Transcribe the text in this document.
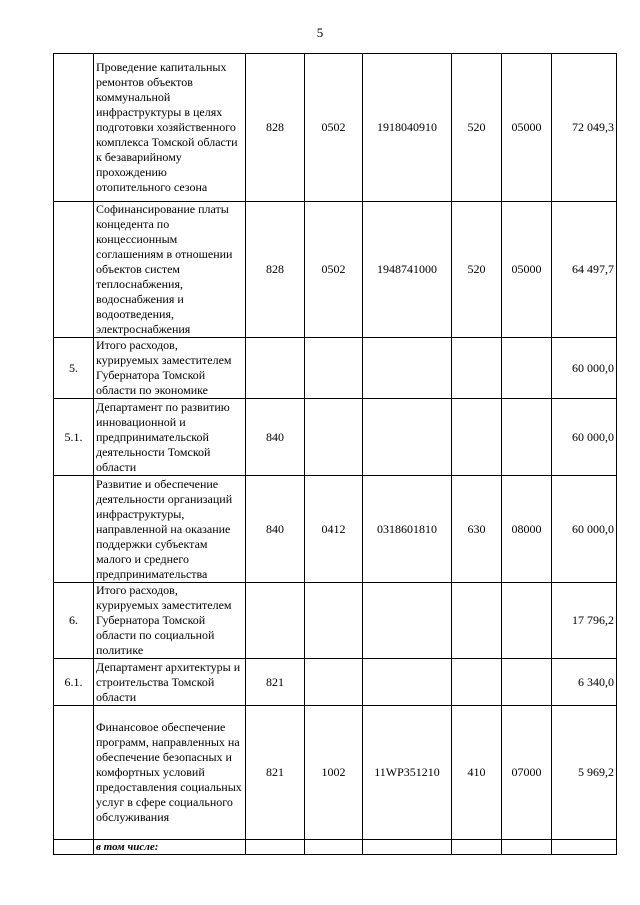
5
	Проведение капитальных ремонтов объектов коммунальной инфраструктуры в целях подготовки хозяйственного комплекса Томской области к безаварийному прохождению отопительного сезона	828	0502	1918040910	520	05000	72 049,3
	Софинансирование платы концедента по концессионным соглашениям в отношении объектов систем теплоснабжения, водоснабжения и водоотведения, электроснабжения	828	0502	1948741000	520	05000	64 497,7
5.	Итого расходов, курируемых заместителем Губернатора Томской области по экономике						60 000,0
5.1.	Департамент по развитию инновационной и предпринимательской деятельности Томской области	840					60 000,0
	Развитие и обеспечение деятельности организаций инфраструктуры, направленной на оказание поддержки субъектам малого и среднего предпринимательства	840	0412	0318601810	630	08000	60 000,0
6.	Итого расходов, курируемых заместителем Губернатора Томской области по социальной политике						17 796,2
6.1.	Департамент архитектуры и строительства Томской области	821					6 340,0
	Финансовое обеспечение программ, направленных на обеспечение безопасных и комфортных условий предоставления социальных услуг в сфере социального обслуживания	821	1002	11WP351210	410	07000	5 969,2
	в том числе:						
